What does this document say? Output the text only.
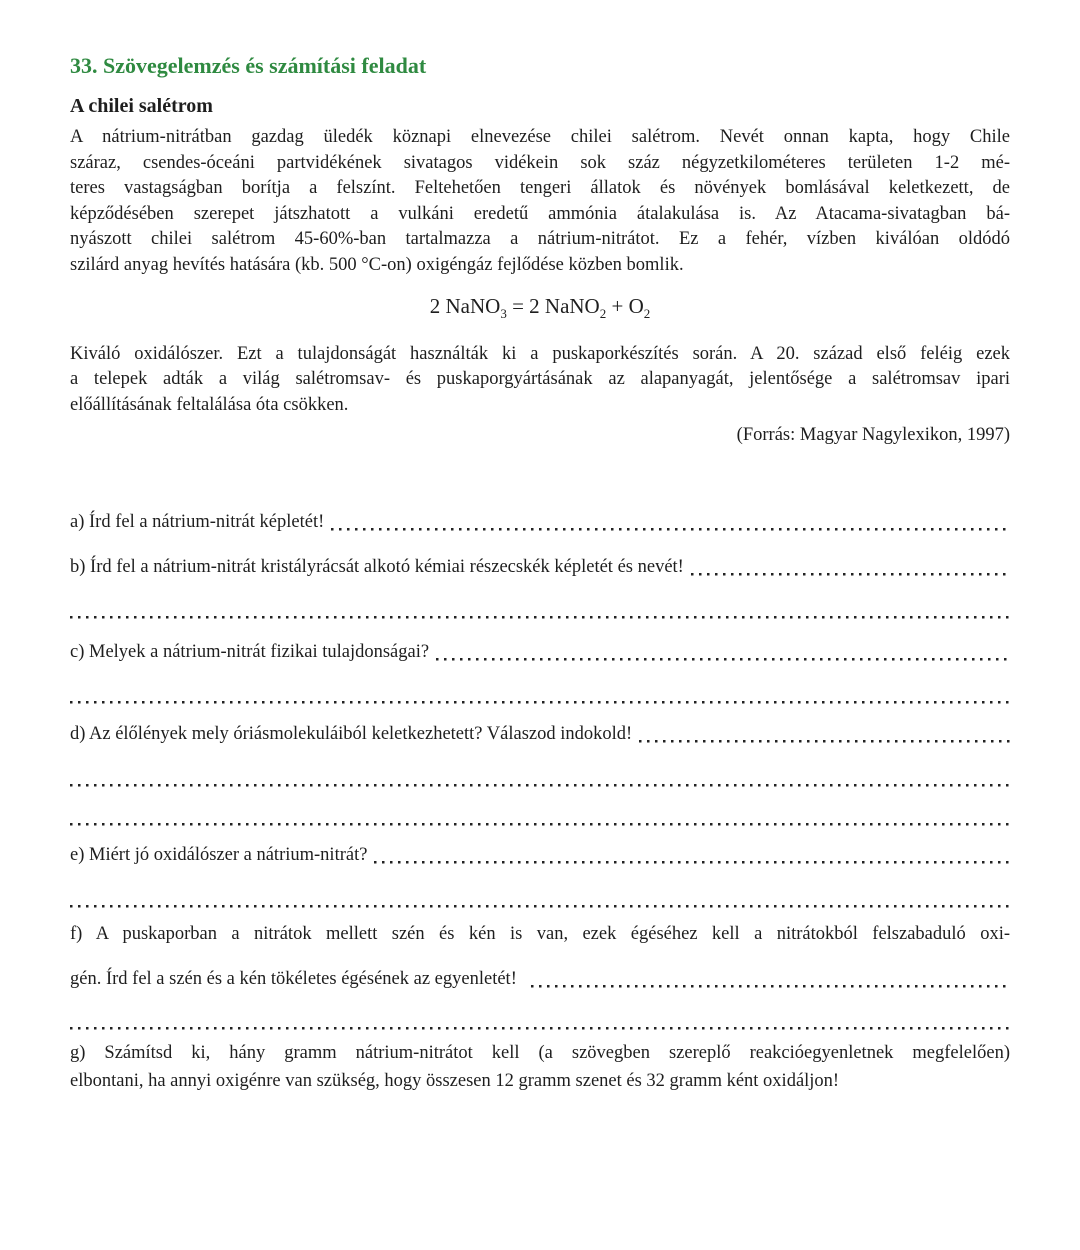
33. Szövegelemzés és számítási feladat
A chilei salétrom
A nátrium-nitrátban gazdag üledék köznapi elnevezése chilei salétrom. Nevét onnan kapta, hogy Chile
száraz, csendes-óceáni partvidékének sivatagos vidékein sok száz négyzetkilométeres területen 1-2 mé-
teres vastagságban borítja a felszínt. Feltehetően tengeri állatok és növények bomlásával keletkezett, de
képződésében szerepet játszhatott a vulkáni eredetű ammónia átalakulása is. Az Atacama-sivatagban bá-
nyászott chilei salétrom 45-60%-ban tartalmazza a nátrium-nitrátot. Ez a fehér, vízben kiválóan oldódó
szilárd anyag hevítés hatására (kb. 500 °C-on) oxigéngáz fejlődése közben bomlik.
2 NaNO$_3$ = 2 NaNO$_2$ + $O_2$
Kiváló oxidálószer. Ezt a tulajdonságát használták ki a puskaporkészítés során. A 20. század első feléig ezek
a telepek adták a világ salétromsav- és puskaporgyártásának az alapanyagát, jelentősége a salétromsav ipari
előállításának feltalálása óta csökken.
(Forrás: Magyar Nagylexikon, 1997)
a) Írd fel a nátrium-nitrát képletét!
b) Írd fel a nátrium-nitrát kristályrácsát alkotó kémiai részecskék képletét és nevét!
c) Melyek a nátrium-nitrát fizikai tulajdonságai?
d) Az élőlények mely óriásmolekuláiból keletkezhetett? Válaszod indokold!
e) Miért jó oxidálószer a nátrium-nitrát?
f) A puskaporban a nitrátok mellett szén és kén is van, ezek égéséhez kell a nitrátokból felszabaduló oxi-
gén. Írd fel a szén és a kén tökéletes égésének az egyenletét!
g) Számítsd ki, hány gramm nátrium-nitrátot kell (a szövegben szereplő reakcióegyenletnek megfelelően)
elbontani, ha annyi oxigénre van szükség, hogy összesen 12 gramm szenet és 32 gramm ként oxidáljon!
